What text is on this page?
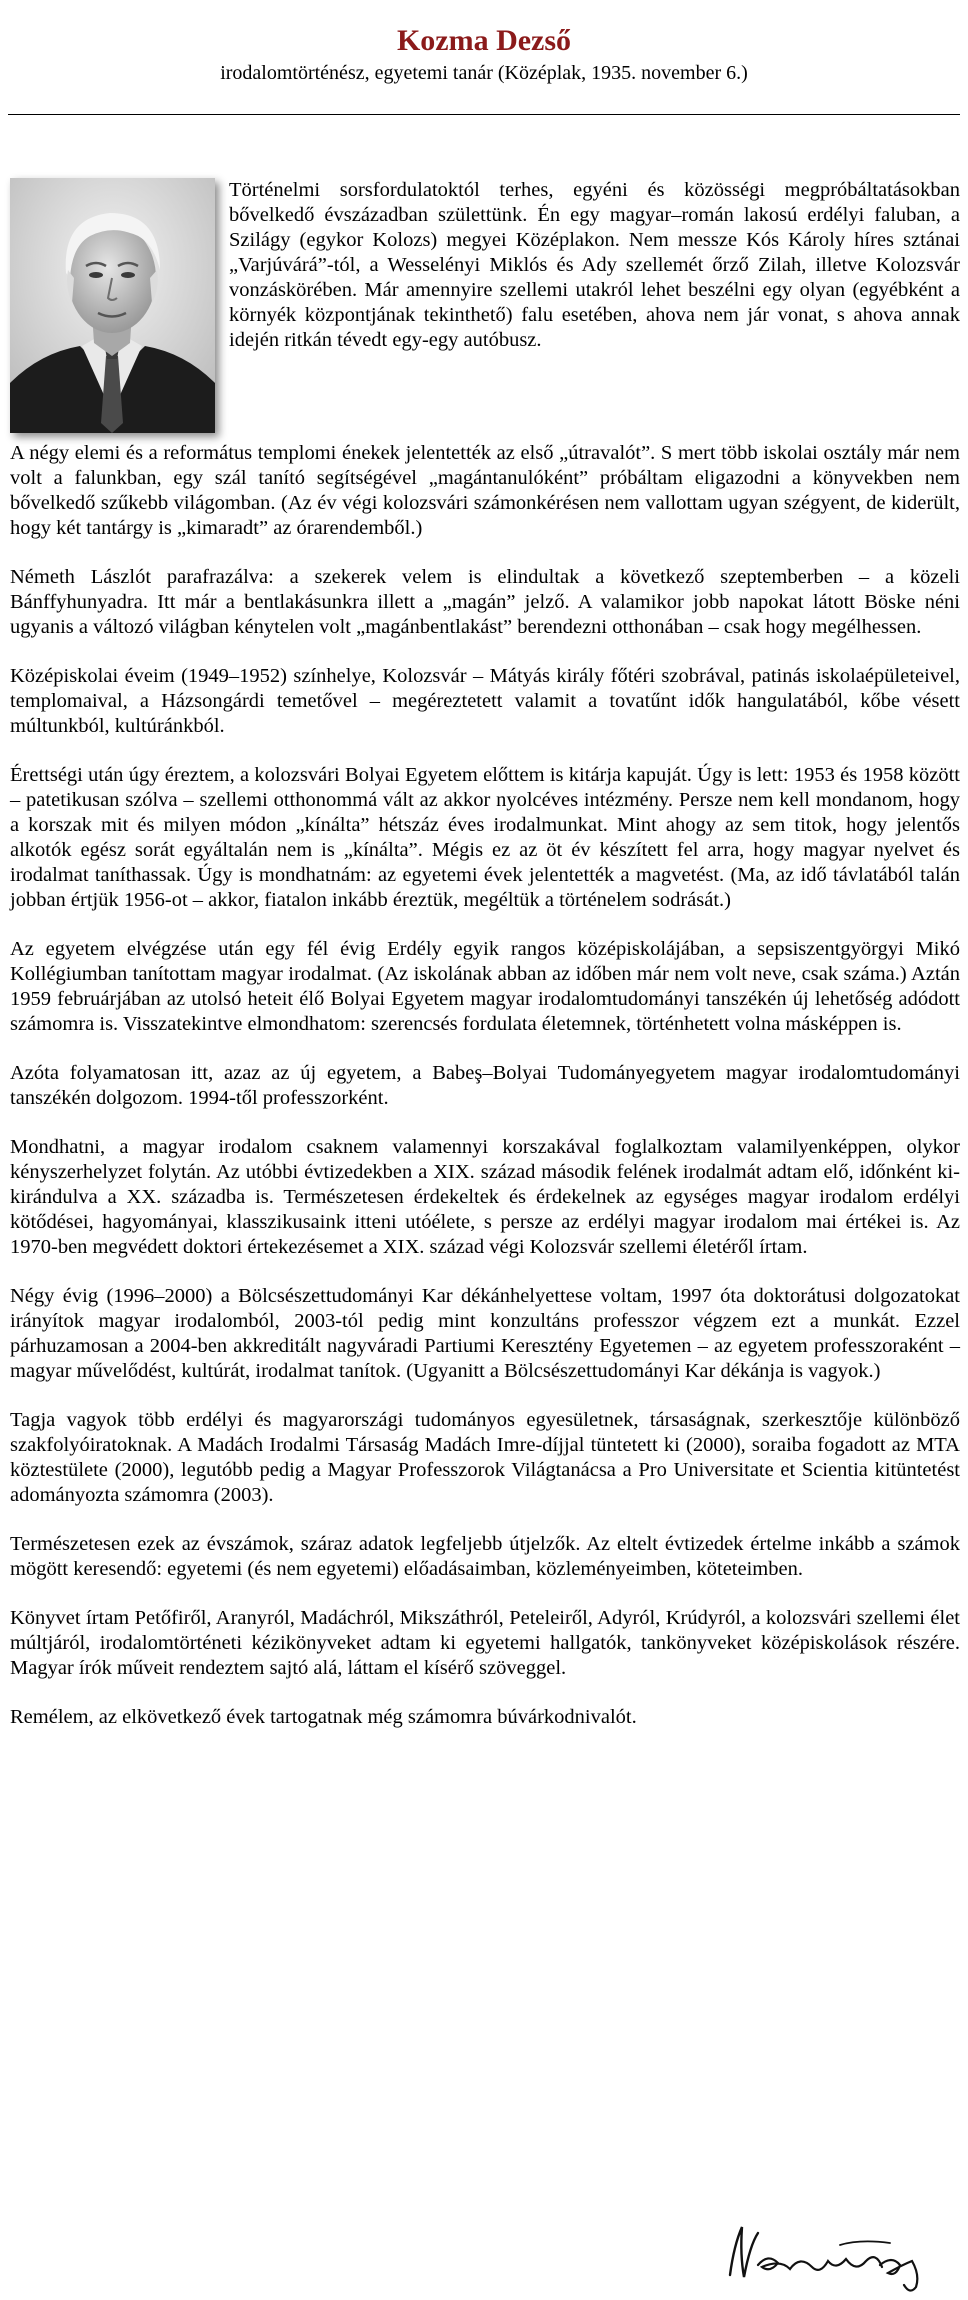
Kozma Dezső
irodalomtörténész, egyetemi tanár (Középlak, 1935. november 6.)

Történelmi sorsfordulatoktól terhes, egyéni és közösségi megpróbáltatásokban bővelkedő évszázadban születtünk. Én egy magyar–román lakosú erdélyi faluban, a Szilágy (egykor Kolozs) megyei Középlakon. Nem messze Kós Károly híres sztánai „Varjúvárá”-tól, a Wesselényi Miklós és Ady szellemét őrző Zilah, illetve Kolozsvár vonzáskörében. Már amennyire szellemi utakról lehet beszélni egy olyan (egyébként a környék központjának tekinthető) falu esetében, ahova nem jár vonat, s ahova annak idején ritkán tévedt egy-egy autóbusz.

A négy elemi és a református templomi énekek jelentették az első „útravalót”. S mert több iskolai osztály már nem volt a falunkban, egy szál tanító segítségével „magántanulóként” próbáltam eligazodni a könyvekben nem bővelkedő szűkebb világomban. (Az év végi kolozsvári számonkérésen nem vallottam ugyan szégyent, de kiderült, hogy két tantárgy is „kimaradt” az órarendemből.)

Németh Lászlót parafrazálva: a szekerek velem is elindultak a következő szeptemberben – a közeli Bánffyhunyadra. Itt már a bentlakásunkra illett a „magán” jelző. A valamikor jobb napokat látott Böske néni ugyanis a változó világban kénytelen volt „magánbentlakást” berendezni otthonában – csak hogy megélhessen.

Középiskolai éveim (1949–1952) színhelye, Kolozsvár – Mátyás király főtéri szobrával, patinás iskolaépületeivel, templomaival, a Házsongárdi temetővel – megéreztetett valamit a tovatűnt idők hangulatából, kőbe vésett múltunkból, kultúránkból.

Érettségi után úgy éreztem, a kolozsvári Bolyai Egyetem előttem is kitárja kapuját. Úgy is lett: 1953 és 1958 között – patetikusan szólva – szellemi otthonommá vált az akkor nyolcéves intézmény. Persze nem kell mondanom, hogy a korszak mit és milyen módon „kínálta” hétszáz éves irodalmunkat. Mint ahogy az sem titok, hogy jelentős alkotók egész sorát egyáltalán nem is „kínálta”. Mégis ez az öt év készített fel arra, hogy magyar nyelvet és irodalmat taníthassak. Úgy is mondhatnám: az egyetemi évek jelentették a magvetést. (Ma, az idő távlatából talán jobban értjük 1956-ot – akkor, fiatalon inkább éreztük, megéltük a történelem sodrását.)

Az egyetem elvégzése után egy fél évig Erdély egyik rangos középiskolájában, a sepsiszentgyörgyi Mikó Kollégiumban tanítottam magyar irodalmat. (Az iskolának abban az időben már nem volt neve, csak száma.) Aztán 1959 februárjában az utolsó heteit élő Bolyai Egyetem magyar irodalomtudományi tanszékén új lehetőség adódott számomra is. Visszatekintve elmondhatom: szerencsés fordulata életemnek, történhetett volna másképpen is.

Azóta folyamatosan itt, azaz az új egyetem, a Babeş–Bolyai Tudományegyetem magyar irodalomtudományi tanszékén dolgozom. 1994-től professzorként.

Mondhatni, a magyar irodalom csaknem valamennyi korszakával foglalkoztam valamilyenképpen, olykor kényszerhelyzet folytán. Az utóbbi évtizedekben a XIX. század második felének irodalmát adtam elő, időnként ki-kirándulva a XX. századba is. Természetesen érdekeltek és érdekelnek az egységes magyar irodalom erdélyi kötődései, hagyományai, klasszikusaink itteni utóélete, s persze az erdélyi magyar irodalom mai értékei is. Az 1970-ben megvédett doktori értekezésemet a XIX. század végi Kolozsvár szellemi életéről írtam.

Négy évig (1996–2000) a Bölcsészettudományi Kar dékánhelyettese voltam, 1997 óta doktorátusi dolgozatokat irányítok magyar irodalomból, 2003-tól pedig mint konzultáns professzor végzem ezt a munkát. Ezzel párhuzamosan a 2004-ben akkreditált nagyváradi Partiumi Keresztény Egyetemen – az egyetem professzoraként – magyar művelődést, kultúrát, irodalmat tanítok. (Ugyanitt a Bölcsészettudományi Kar dékánja is vagyok.)

Tagja vagyok több erdélyi és magyarországi tudományos egyesületnek, társaságnak, szerkesztője különböző szakfolyóiratoknak. A Madách Irodalmi Társaság Madách Imre-díjjal tüntetett ki (2000), soraiba fogadott az MTA köztestülete (2000), legutóbb pedig a Magyar Professzorok Világtanácsa a Pro Universitate et Scientia kitüntetést adományozta számomra (2003).

Természetesen ezek az évszámok, száraz adatok legfeljebb útjelzők. Az eltelt évtizedek értelme inkább a számok mögött keresendő: egyetemi (és nem egyetemi) előadásaimban, közleményeimben, köteteimben.

Könyvet írtam Petőfiről, Aranyról, Madáchról, Mikszáthról, Peteleiről, Adyról, Krúdyról, a kolozsvári szellemi élet múltjáról, irodalomtörténeti kézikönyveket adtam ki egyetemi hallgatók, tankönyveket középiskolások részére. Magyar írók műveit rendeztem sajtó alá, láttam el kísérő szöveggel.

Remélem, az elkövetkező évek tartogatnak még számomra búvárkodnivalót.
